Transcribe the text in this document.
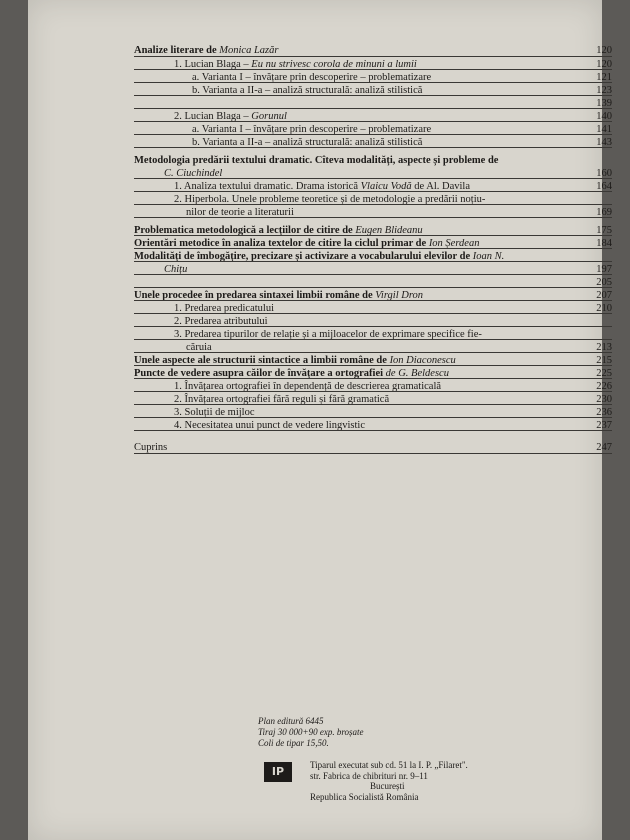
Analize literare de Monica Lazăr	120
1. Lucian Blaga – Eu nu strivesc corola de minuni a lumii	120
a. Varianta I – învățare prin descoperire – problematizare	121
b. Varianta a II-a – analiză structurală: analiză stilistică	123
139
2. Lucian Blaga – Gorunul	140
a. Varianta I – învățare prin descoperire – problematizare	141
b. Varianta a II-a – analiză structurală: analiză stilistică	143
Metodologia predării textului dramatic. Cîteva modalități, aspecte și probleme de
C. Ciuchindel	160
1. Analiza textului dramatic. Drama istorică Vlaicu Vodă de Al. Davila	164
2. Hiperbola. Unele probleme teoretice și de metodologie a predării noțiu-
nilor de teorie a literaturii	169
Problematica metodologică a lecțiilor de citire de Eugen Blideanu	175
Orientări metodice în analiza textelor de citire la ciclul primar de Ion Șerdean	184
Modalități de îmbogățire, precizare și activizare a vocabularului elevilor de Ioan N.
Chițu	197
205
Unele procedee în predarea sintaxei limbii române de Virgil Dron	207
1. Predarea predicatului	210
2. Predarea atributului
3. Predarea tipurilor de relație și a mijloacelor de exprimare specifice fie-
căruia	213
Unele aspecte ale structurii sintactice a limbii române de Ion Diaconescu	215
Puncte de vedere asupra căilor de învățare a ortografiei de G. Beldescu	225
1. Învățarea ortografiei în dependență de descrierea gramaticală	226
2. Învățarea ortografiei fără reguli și fără gramatică	230
3. Soluții de mijloc	236
4. Necesitatea unui punct de vedere lingvistic	237
Cuprins	247
Plan editură 6445
Tiraj 30 000+90 exp. broșate
Coli de tipar 15,50.
IP	Tiparul executat sub cd. 51 la I. P. „Filaret".
str. Fabrica de chibrituri nr. 9–11
București
Republica Socialistă România
